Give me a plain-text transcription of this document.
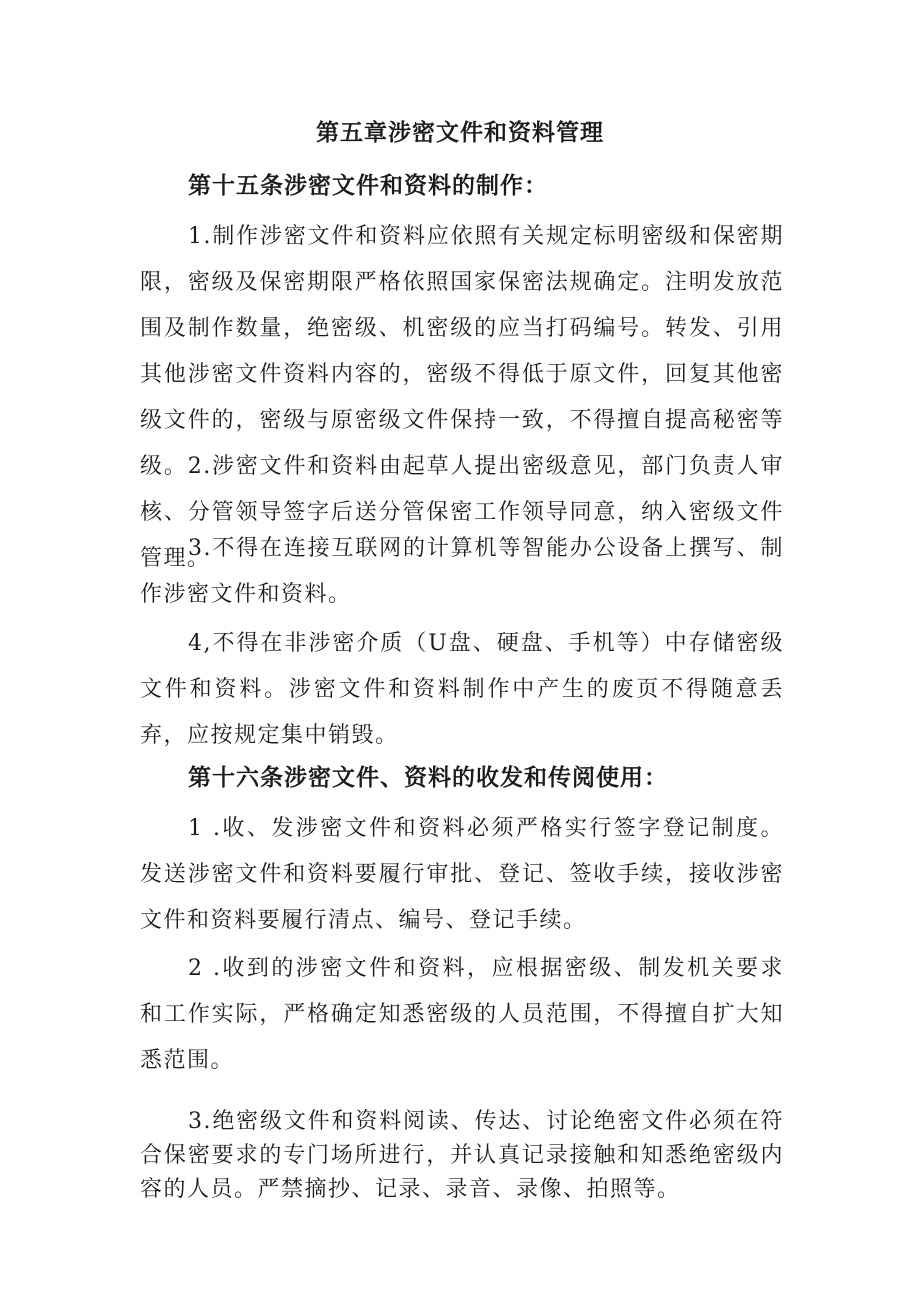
第五章涉密文件和资料管理
第十五条涉密文件和资料的制作：
1.制作涉密文件和资料应依照有关规定标明密级和保密期限，密级及保密期限严格依照国家保密法规确定。注明发放范围及制作数量，绝密级、机密级的应当打码编号。转发、引用其他涉密文件资料内容的，密级不得低于原文件，回复其他密级文件的，密级与原密级文件保持一致，不得擅自提高秘密等级。2.涉密文件和资料由起草人提出密级意见，部门负责人审核、分管领导签字后送分管保密工作领导同意，纳入密级文件管理。
3.不得在连接互联网的计算机等智能办公设备上撰写、制作涉密文件和资料。
4,不得在非涉密介质（U盘、硬盘、手机等）中存储密级文件和资料。涉密文件和资料制作中产生的废页不得随意丢弃，应按规定集中销毁。
第十六条涉密文件、资料的收发和传阅使用：
1 .收、发涉密文件和资料必须严格实行签字登记制度。发送涉密文件和资料要履行审批、登记、签收手续，接收涉密文件和资料要履行清点、编号、登记手续。
2 .收到的涉密文件和资料，应根据密级、制发机关要求和工作实际，严格确定知悉密级的人员范围，不得擅自扩大知悉范围。
3.绝密级文件和资料阅读、传达、讨论绝密文件必须在符合保密要求的专门场所进行，并认真记录接触和知悉绝密级内容的人员。严禁摘抄、记录、录音、录像、拍照等。
